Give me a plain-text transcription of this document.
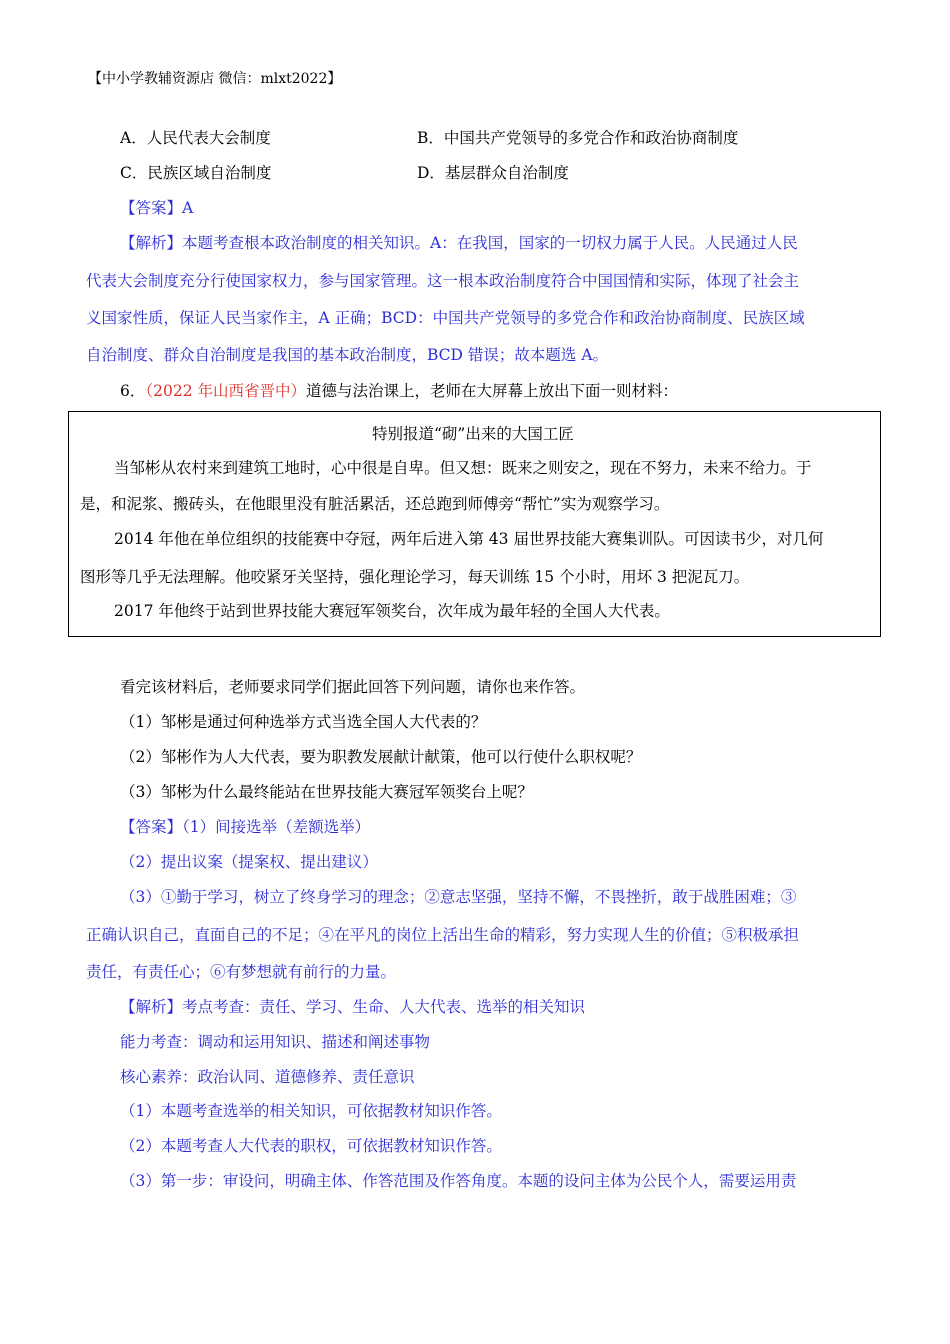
【中小学教辅资源店 微信：mlxt2022】
A．人民代表大会制度	B．中国共产党领导的多党合作和政治协商制度
C．民族区域自治制度	D．基层群众自治制度
【答案】A
【解析】本题考查根本政治制度的相关知识。A：在我国，国家的一切权力属于人民。人民通过人民
代表大会制度充分行使国家权力，参与国家管理。这一根本政治制度符合中国国情和实际，体现了社会主
义国家性质，保证人民当家作主，A 正确；BCD：中国共产党领导的多党合作和政治协商制度、民族区域
自治制度、群众自治制度是我国的基本政治制度，BCD 错误；故本题选 A。
6．（2022 年山西省晋中）道德与法治课上，老师在大屏幕上放出下面一则材料：
特别报道“砌”出来的大国工匠
当邹彬从农村来到建筑工地时，心中很是自卑。但又想：既来之则安之，现在不努力，未来不给力。于
是，和泥浆、搬砖头，在他眼里没有脏活累活，还总跑到师傅旁“帮忙”实为观察学习。
2014 年他在单位组织的技能赛中夺冠，两年后进入第 43 届世界技能大赛集训队。可因读书少，对几何
图形等几乎无法理解。他咬紧牙关坚持，强化理论学习，每天训练 15 个小时，用坏 3 把泥瓦刀。
2017 年他终于站到世界技能大赛冠军领奖台，次年成为最年轻的全国人大代表。
看完该材料后，老师要求同学们据此回答下列问题，请你也来作答。
（1）邹彬是通过何种选举方式当选全国人大代表的？
（2）邹彬作为人大代表，要为职教发展献计献策，他可以行使什么职权呢？
（3）邹彬为什么最终能站在世界技能大赛冠军领奖台上呢？
【答案】（1）间接选举（差额选举）
（2）提出议案（提案权、提出建议）
（3）①勤于学习，树立了终身学习的理念；②意志坚强，坚持不懈，不畏挫折，敢于战胜困难；③
正确认识自己，直面自己的不足；④在平凡的岗位上活出生命的精彩，努力实现人生的价值；⑤积极承担
责任，有责任心；⑥有梦想就有前行的力量。
【解析】考点考查：责任、学习、生命、人大代表、选举的相关知识
能力考查：调动和运用知识、描述和阐述事物
核心素养：政治认同、道德修养、责任意识
（1）本题考查选举的相关知识，可依据教材知识作答。
（2）本题考查人大代表的职权，可依据教材知识作答。
（3）第一步：审设问，明确主体、作答范围及作答角度。本题的设问主体为公民个人，需要运用责
